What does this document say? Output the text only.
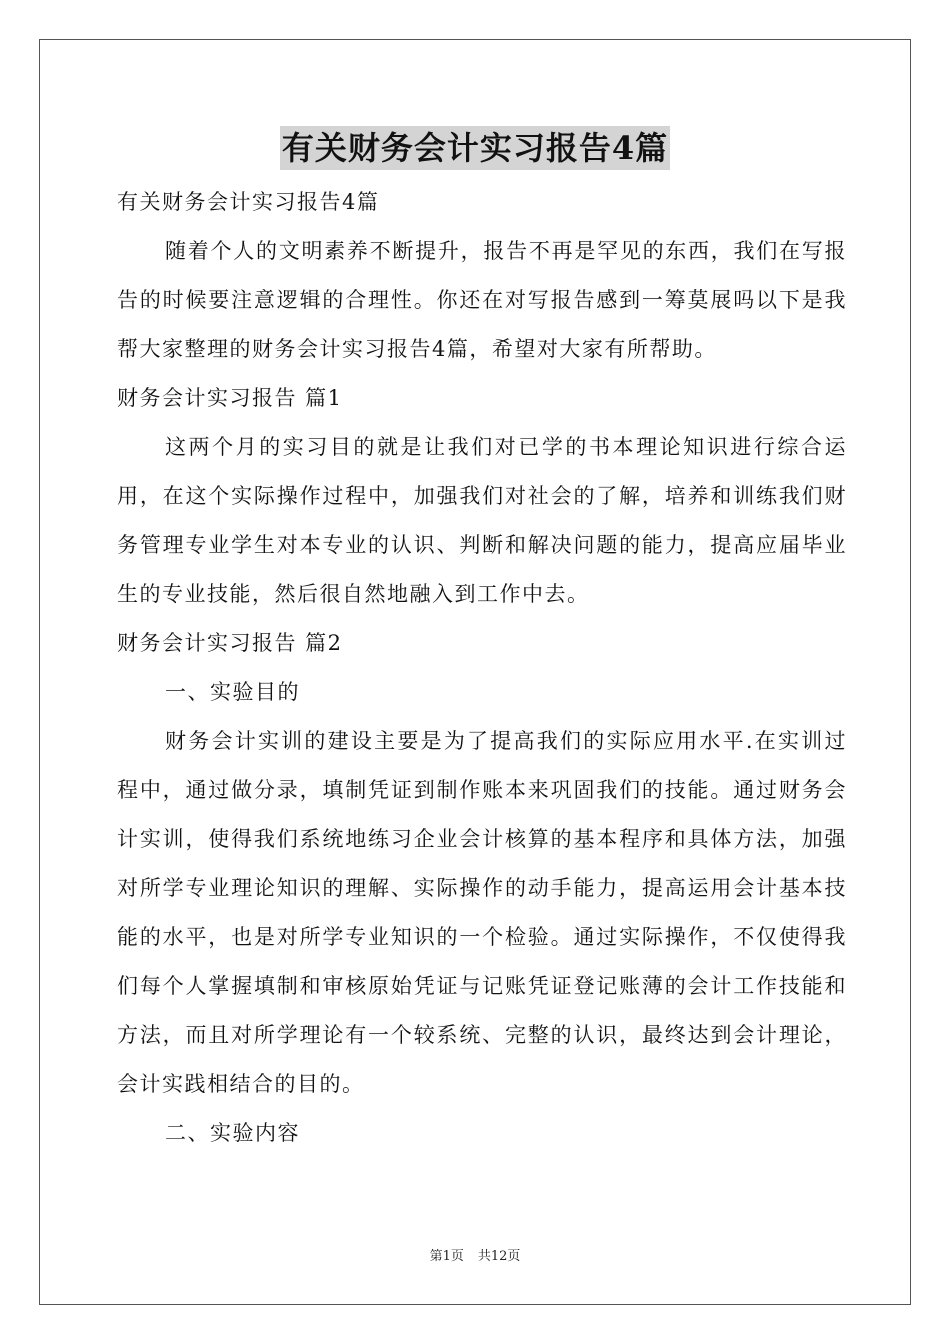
有关财务会计实习报告4篇

有关财务会计实习报告4篇

随着个人的文明素养不断提升，报告不再是罕见的东西，我们在写报告的时候要注意逻辑的合理性。你还在对写报告感到一筹莫展吗以下是我帮大家整理的财务会计实习报告4篇，希望对大家有所帮助。

财务会计实习报告 篇1

这两个月的实习目的就是让我们对已学的书本理论知识进行综合运用，在这个实际操作过程中，加强我们对社会的了解，培养和训练我们财务管理专业学生对本专业的认识、判断和解决问题的能力，提高应届毕业生的专业技能，然后很自然地融入到工作中去。

财务会计实习报告 篇2

一、实验目的

财务会计实训的建设主要是为了提高我们的实际应用水平.在实训过程中，通过做分录，填制凭证到制作账本来巩固我们的技能。通过财务会计实训，使得我们系统地练习企业会计核算的基本程序和具体方法，加强对所学专业理论知识的理解、实际操作的动手能力，提高运用会计基本技能的水平，也是对所学专业知识的一个检验。通过实际操作，不仅使得我们每个人掌握填制和审核原始凭证与记账凭证登记账薄的会计工作技能和方法，而且对所学理论有一个较系统、完整的认识，最终达到会计理论，会计实践相结合的目的。

二、实验内容

第1页 共12页
